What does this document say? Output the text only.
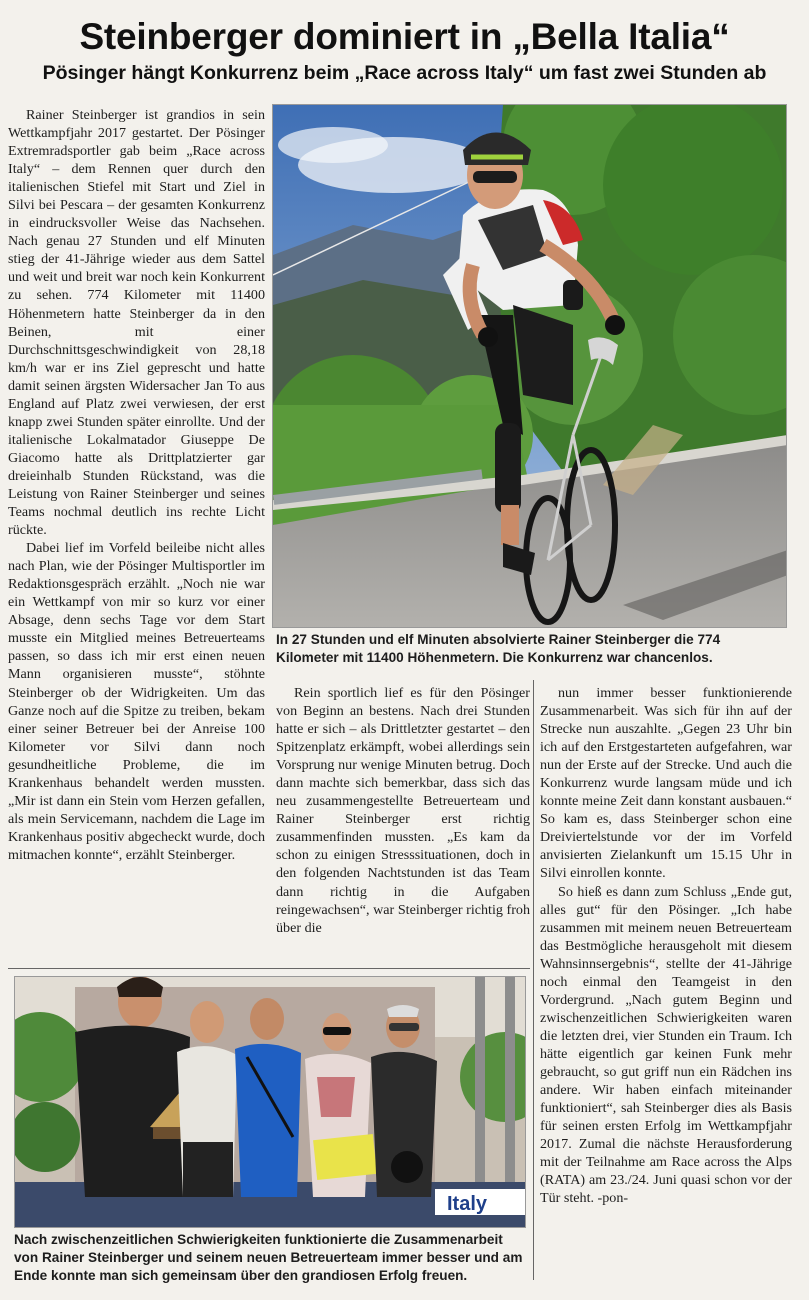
Steinberger dominiert in „Bella Italia“
Pösinger hängt Konkurrenz beim „Race across Italy“ um fast zwei Stunden ab

Rainer Steinberger ist grandios in sein Wettkampfjahr 2017 gestartet. Der Pösinger Extremradsportler gab beim „Race across Italy“ – dem Rennen quer durch den italienischen Stiefel mit Start und Ziel in Silvi bei Pescara – der gesamten Konkurrenz in eindrucksvoller Weise das Nachsehen. Nach genau 27 Stunden und elf Minuten stieg der 41-Jährige wieder aus dem Sattel und weit und breit war noch kein Konkurrent zu sehen. 774 Kilometer mit 11400 Höhenmetern hatte Steinberger da in den Beinen, mit einer Durchschnittsgeschwindigkeit von 28,18 km/h war er ins Ziel geprescht und hatte damit seinen ärgsten Widersacher Jan To aus England auf Platz zwei verwiesen, der erst knapp zwei Stunden später einrollte. Und der italienische Lokalmatador Giuseppe De Giacomo hatte als Drittplatzierter gar dreieinhalb Stunden Rückstand, was die Leistung von Rainer Steinberger und seines Teams nochmal deutlich ins rechte Licht rückte.

Dabei lief im Vorfeld beileibe nicht alles nach Plan, wie der Pösinger Multisportler im Redaktionsgespräch erzählt. „Noch nie war ein Wettkampf von mir so kurz vor einer Absage, denn sechs Tage vor dem Start musste ein Mitglied meines Betreuerteams passen, so dass ich mir erst einen neuen Mann organisieren musste“, stöhnte Steinberger ob der Widrigkeiten. Um das Ganze noch auf die Spitze zu treiben, bekam einer seiner Betreuer bei der Anreise 100 Kilometer vor Silvi dann noch gesundheitliche Probleme, die im Krankenhaus behandelt werden mussten. „Mir ist dann ein Stein vom Herzen gefallen, als mein Servicemann, nachdem die Lage im Krankenhaus positiv abgecheckt wurde, doch mitmachen konnte“, erzählt Steinberger.

In 27 Stunden und elf Minuten absolvierte Rainer Steinberger die 774 Kilometer mit 11400 Höhenmetern. Die Konkurrenz war chancenlos.

Rein sportlich lief es für den Pösinger von Beginn an bestens. Nach drei Stunden hatte er sich – als Drittletzter gestartet – den Spitzenplatz erkämpft, wobei allerdings sein Vorsprung nur wenige Minuten betrug. Doch dann machte sich bemerkbar, dass sich das neu zusammengestellte Betreuerteam und Rainer Steinberger erst richtig zusammenfinden mussten. „Es kam da schon zu einigen Stresssituationen, doch in den folgenden Nachtstunden ist das Team dann richtig in die Aufgaben reingewachsen“, war Steinberger richtig froh über die

nun immer besser funktionierende Zusammenarbeit. Was sich für ihn auf der Strecke nun auszahlte. „Gegen 23 Uhr bin ich auf den Erstgestarteten aufgefahren, war nun der Erste auf der Strecke. Und auch die Konkurrenz wurde langsam müde und ich konnte meine Zeit dann konstant ausbauen.“ So kam es, dass Steinberger schon eine Dreiviertelstunde vor der im Vorfeld anvisierten Zielankunft um 15.15 Uhr in Silvi einrollen konnte.

So hieß es dann zum Schluss „Ende gut, alles gut“ für den Pösinger. „Ich habe zusammen mit meinem neuen Betreuerteam das Bestmögliche herausgeholt mit diesem Wahnsinnsergebnis“, stellte der 41-Jährige noch einmal den Teamgeist in den Vordergrund. „Nach gutem Beginn und zwischenzeitlichen Schwierigkeiten waren die letzten drei, vier Stunden ein Traum. Ich hätte eigentlich gar keinen Funk mehr gebraucht, so gut griff nun ein Rädchen ins andere. Wir haben einfach miteinander funktioniert“, sah Steinberger dies als Basis für seinen ersten Erfolg im Wettkampfjahr 2017. Zumal die nächste Herausforderung mit der Teilnahme am Race across the Alps (RATA) am 23./24. Juni quasi schon vor der Tür steht. -pon-

Italy
Nach zwischenzeitlichen Schwierigkeiten funktionierte die Zusammenarbeit von Rainer Steinberger und seinem neuen Betreuerteam immer besser und am Ende konnte man sich gemeinsam über den grandiosen Erfolg freuen.
